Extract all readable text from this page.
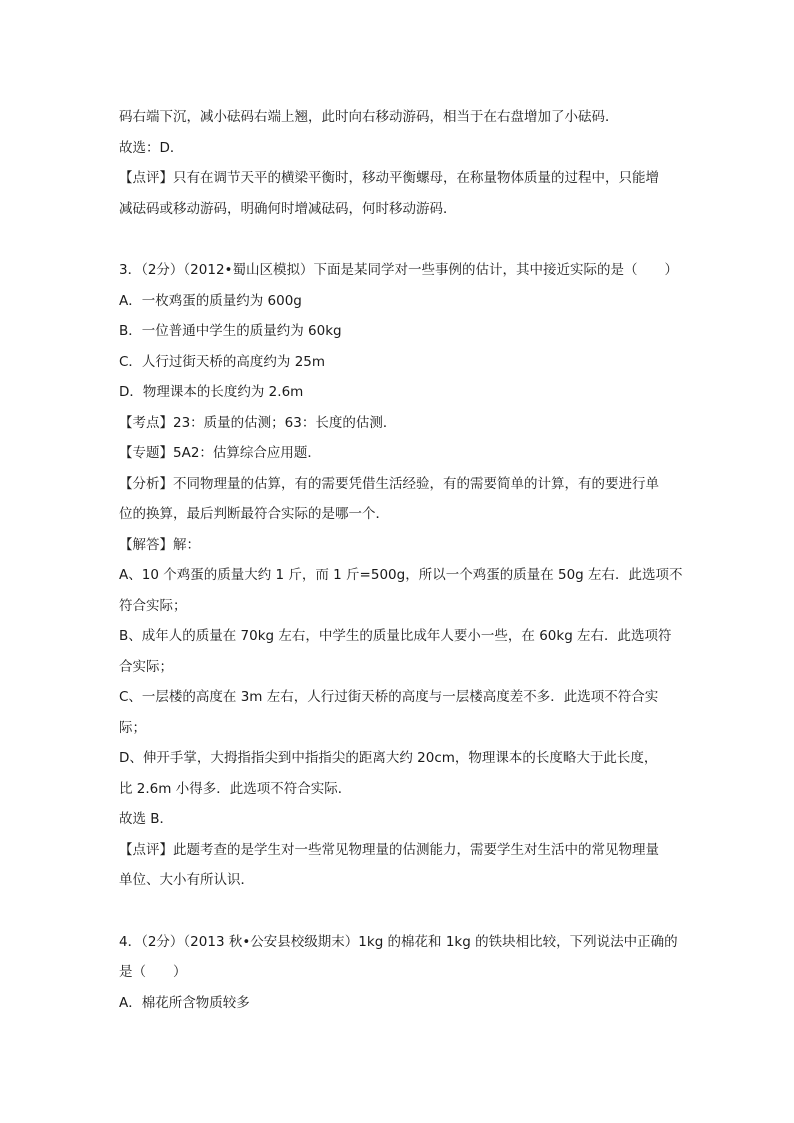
码右端下沉，减小砝码右端上翘，此时向右移动游码，相当于在右盘增加了小砝码．
故选：D．
【点评】只有在调节天平的横梁平衡时，移动平衡螺母，在称量物体质量的过程中，只能增
减砝码或移动游码，明确何时增减砝码，何时移动游码．
3．（2分）（2012•蜀山区模拟）下面是某同学对一些事例的估计，其中接近实际的是（　　）
A．一枚鸡蛋的质量约为 600g
B．一位普通中学生的质量约为 60kg
C．人行过街天桥的高度约为 25m
D．物理课本的长度约为 2.6m
【考点】23：质量的估测；63：长度的估测．
【专题】5A2：估算综合应用题．
【分析】不同物理量的估算，有的需要凭借生活经验，有的需要简单的计算，有的要进行单
位的换算，最后判断最符合实际的是哪一个．
【解答】解：
A、10 个鸡蛋的质量大约 1 斤，而 1 斤=500g，所以一个鸡蛋的质量在 50g 左右．此选项不
符合实际；
B、成年人的质量在 70kg 左右，中学生的质量比成年人要小一些，在 60kg 左右．此选项符
合实际；
C、一层楼的高度在 3m 左右，人行过街天桥的高度与一层楼高度差不多．此选项不符合实
际；
D、伸开手掌，大拇指指尖到中指指尖的距离大约 20cm，物理课本的长度略大于此长度，
比 2.6m 小得多．此选项不符合实际．
故选 B．
【点评】此题考查的是学生对一些常见物理量的估测能力，需要学生对生活中的常见物理量
单位、大小有所认识．
4．（2分）（2013 秋•公安县校级期末）1kg 的棉花和 1kg 的铁块相比较，下列说法中正确的
是（　　）
A．棉花所含物质较多
